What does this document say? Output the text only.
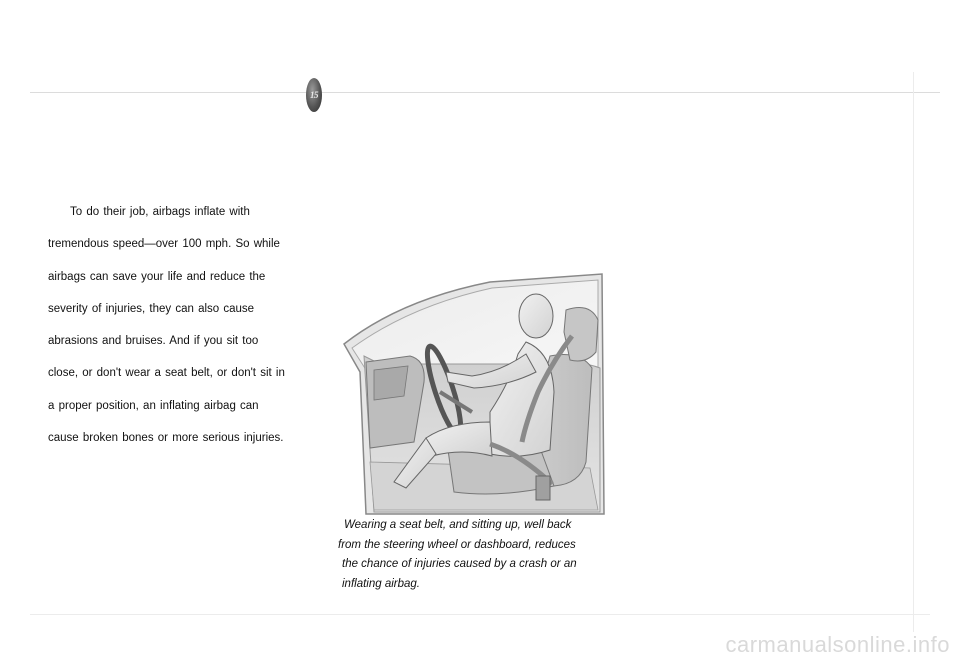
15
To do their job, airbags inflate with
tremendous speed—over 100 mph. So while
airbags can save your life and reduce the
severity of injuries, they can also cause
abrasions and bruises. And if you sit too
close, or don't wear a seat belt, or don't sit in
a proper position, an inflating airbag can
cause broken bones or more serious injuries.
Wearing a seat belt, and sitting up, well back
from the steering wheel or dashboard, reduces
the chance of injuries caused by a crash or an
inflating airbag.
carmanualsonline.info
